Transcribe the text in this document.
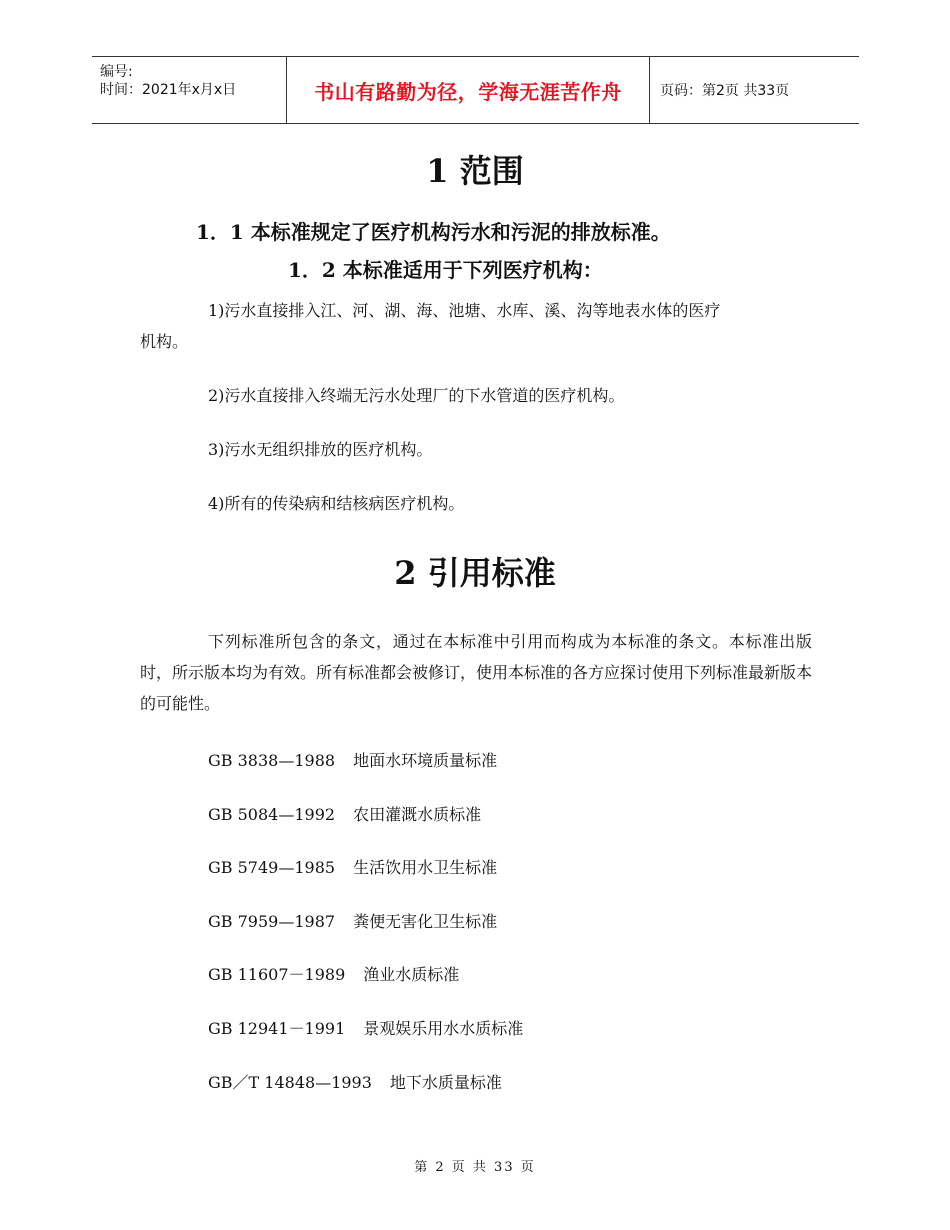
编号:
时间：2021年x月x日	书山有路勤为径，学海无涯苦作舟	页码：第2页 共33页
1 范围
1．1 本标准规定了医疗机构污水和污泥的排放标准。
1．2 本标准适用于下列医疗机构：
1)污水直接排入江、河、湖、海、池塘、水库、溪、沟等地表水体的医疗
机构。
2)污水直接排入终端无污水处理厂的下水管道的医疗机构。
3)污水无组织排放的医疗机构。
4)所有的传染病和结核病医疗机构。
2 引用标准
下列标准所包含的条文，通过在本标准中引用而构成为本标准的条文。本标准出版时，所示版本均为有效。所有标准都会被修订，使用本标准的各方应探讨使用下列标准最新版本的可能性。
GB 3838—1988 地面水环境质量标准
GB 5084—1992 农田灌溉水质标准
GB 5749—1985 生活饮用水卫生标准
GB 7959—1987 粪便无害化卫生标准
GB 11607－1989 渔业水质标准
GB 12941－1991 景观娱乐用水水质标准
GB／T 14848—1993 地下水质量标准
第 2 页 共 33 页
